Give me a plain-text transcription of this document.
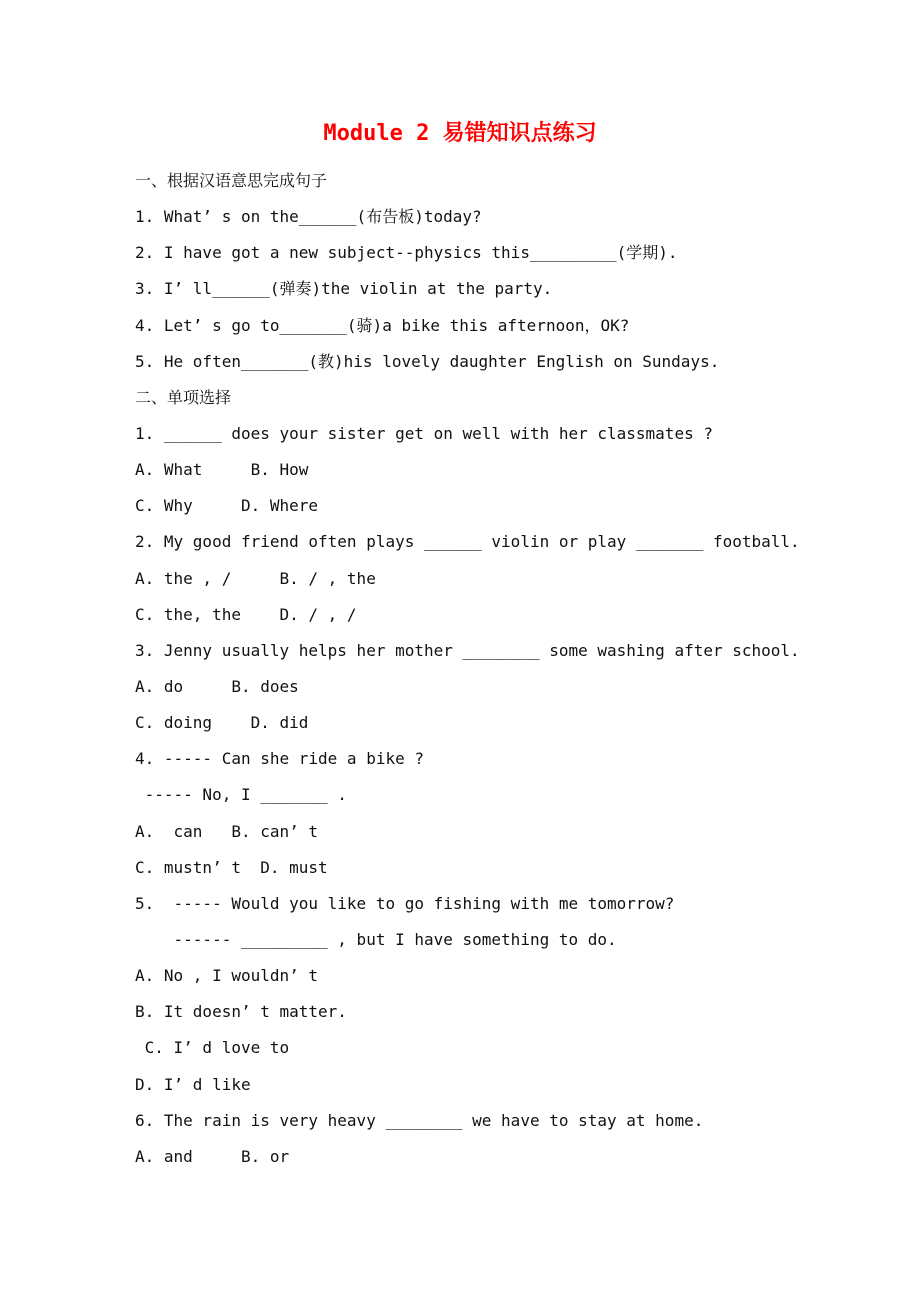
Module 2 易错知识点练习

一、根据汉语意思完成句子

1. What’ s on the______(布告板)today?

2. I have got a new subject--physics this_________(学期).

3. I’ ll______(弹奏)the violin at the party.

4. Let’ s go to_______(骑)a bike this afternoon，OK?

5. He often_______(教)his lovely daughter English on Sundays.

二、单项选择

1. ______ does your sister get on well with her classmates ?

A. What     B. How

C. Why     D. Where

2. My good friend often plays ______ violin or play _______ football.

A. the , /     B. / , the

C. the, the    D. / , /

3. Jenny usually helps her mother ________ some washing after school.

A. do     B. does

C. doing    D. did

4. ----- Can she ride a bike ?

----- No, I _______ .

A.  can   B. can’ t

C. mustn’ t  D. must

5.  ----- Would you like to go fishing with me tomorrow?

------ _________ , but I have something to do.

A. No , I wouldn’ t

B. It doesn’ t matter.

C. I’ d love to

D. I’ d like

6. The rain is very heavy ________ we have to stay at home.

A. and     B. or
